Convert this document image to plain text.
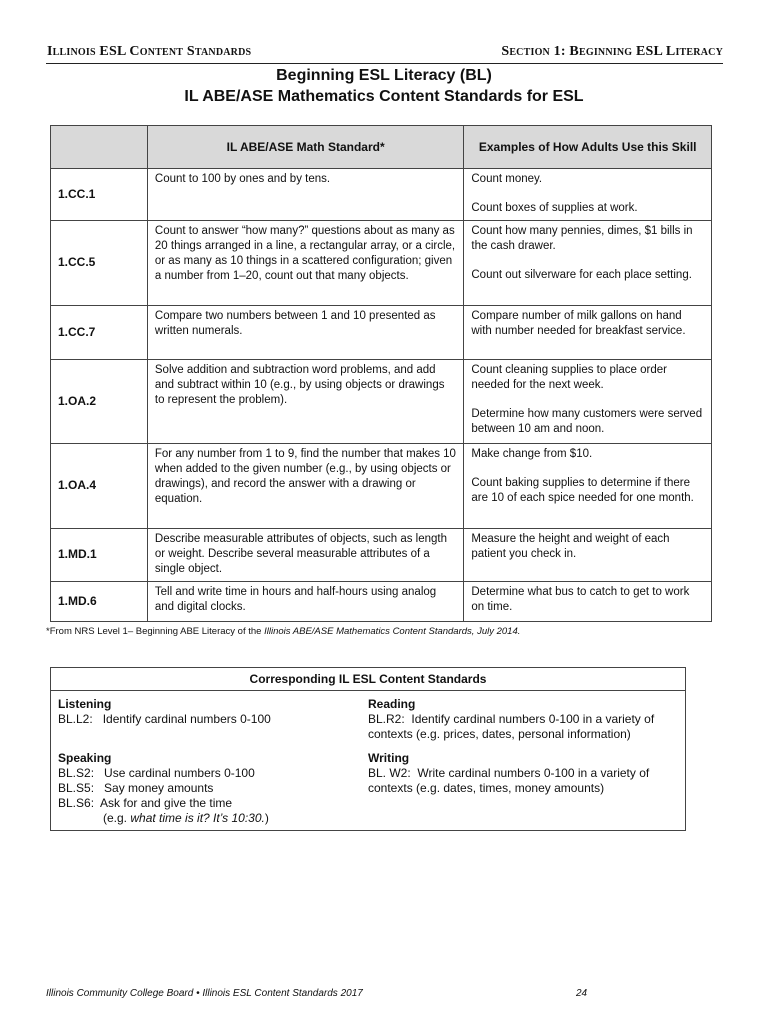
Illinois ESL Content Standards	Section 1: Beginning ESL Literacy
Beginning ESL Literacy (BL)
IL ABE/ASE Mathematics Content Standards for ESL
	IL ABE/ASE Math Standard*	Examples of How Adults Use this Skill
1.CC.1	Count to 100 by ones and by tens.	Count money.

Count boxes of supplies at work.

1.CC.5	Count to answer “how many?” questions about as many as 20 things arranged in a line, a rectangular array, or a circle, or as many as 10 things in a scattered configuration; given a number from 1–20, count out that many objects.	Count how many pennies, dimes, $1 bills in the cash drawer.

Count out silverware for each place setting.

1.CC.7	Compare two numbers between 1 and 10 presented as written numerals.	Compare number of milk gallons on hand with number needed for breakfast service.

1.OA.2	Solve addition and subtraction word problems, and add and subtract within 10 (e.g., by using objects or drawings to represent the problem).	Count cleaning supplies to place order needed for the next week.

Determine how many customers were served between 10 am and noon.

1.OA.4	For any number from 1 to 9, find the number that makes 10 when added to the given number (e.g., by using objects or drawings), and record the answer with a drawing or equation.	Make change from $10.

Count baking supplies to determine if there are 10 of each spice needed for one month.

1.MD.1	Describe measurable attributes of objects, such as length or weight. Describe several measurable attributes of a single object.	Measure the height and weight of each patient you check in.

1.MD.6	Tell and write time in hours and half-hours using analog and digital clocks.	Determine what bus to catch to get to work on time.

*From NRS Level 1– Beginning ABE Literacy of the Illinois ABE/ASE Mathematics Content Standards, July 2014.
Corresponding IL ESL Content Standards
Listening
BL.L2:   Identify cardinal numbers 0-100
Reading
BL.R2:  Identify cardinal numbers 0-100 in a variety of
contexts (e.g. prices, dates, personal information)
Speaking
BL.S2:   Use cardinal numbers 0-100
BL.S5:   Say money amounts
BL.S6:  Ask for and give the time
(e.g. what time is it? It’s 10:30.)
Writing
BL. W2:  Write cardinal numbers 0-100 in a variety of
contexts (e.g. dates, times, money amounts)
Illinois Community College Board • Illinois ESL Content Standards 2017	24
